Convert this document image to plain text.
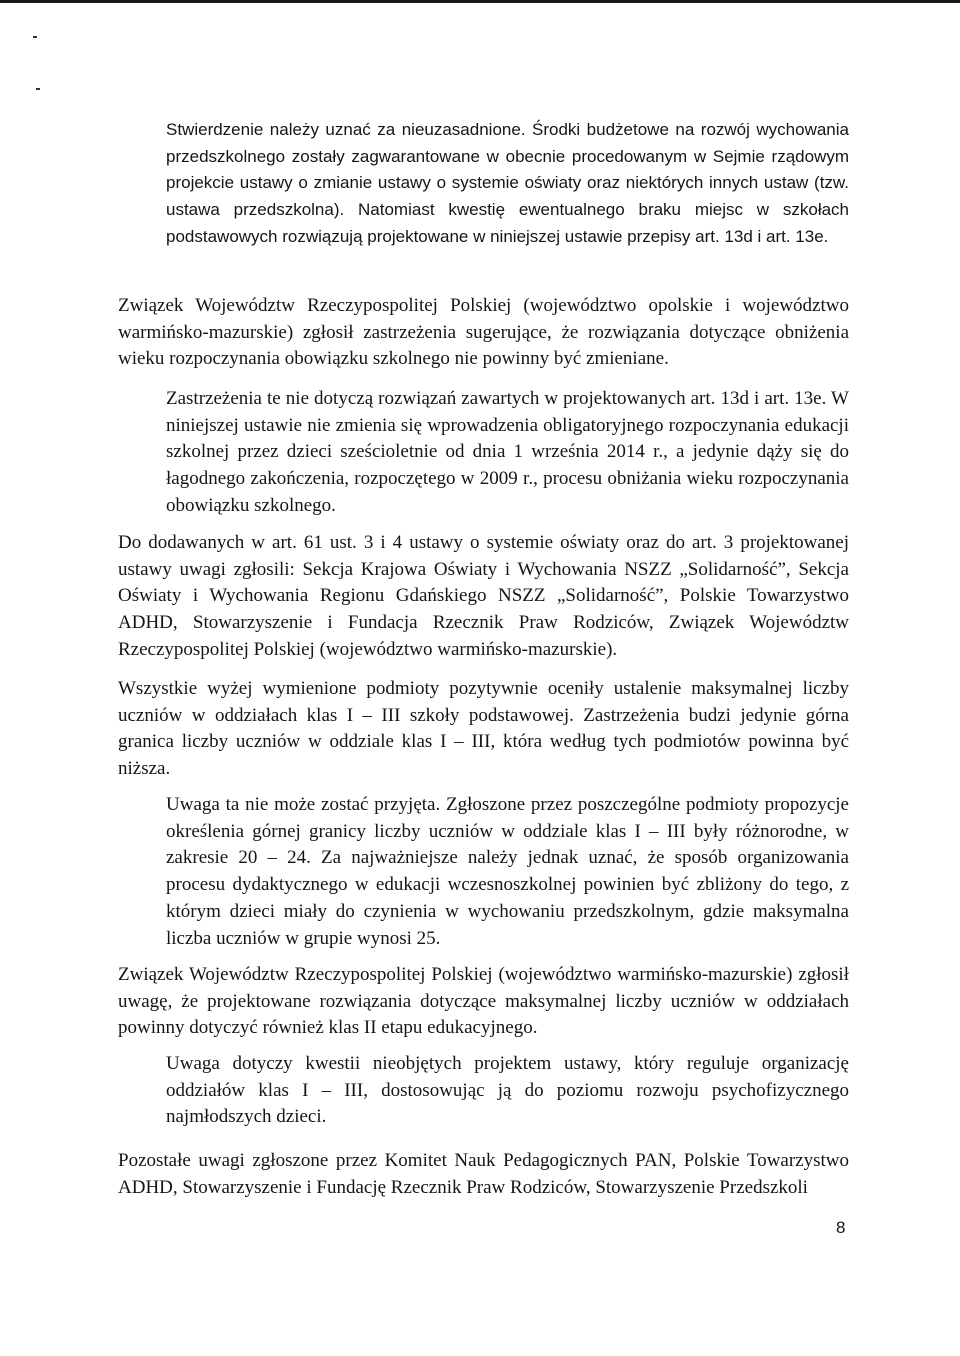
Stwierdzenie należy uznać za nieuzasadnione. Środki budżetowe na rozwój wychowania przedszkolnego zostały zagwarantowane w obecnie procedowanym w Sejmie rządowym projekcie ustawy o zmianie ustawy o systemie oświaty oraz niektórych innych ustaw (tzw. ustawa przedszkolna). Natomiast kwestię ewentualnego braku miejsc w szkołach podstawowych rozwiązują projektowane w niniejszej ustawie przepisy art. 13d i art. 13e.

Związek Województw Rzeczypospolitej Polskiej (województwo opolskie i województwo warmińsko-mazurskie) zgłosił zastrzeżenia sugerujące, że rozwiązania dotyczące obniżenia wieku rozpoczynania obowiązku szkolnego nie powinny być zmieniane.

Zastrzeżenia te nie dotyczą rozwiązań zawartych w projektowanych art. 13d i art. 13e. W niniejszej ustawie nie zmienia się wprowadzenia obligatoryjnego rozpoczynania edukacji szkolnej przez dzieci sześcioletnie od dnia 1 września 2014 r., a jedynie dąży się do łagodnego zakończenia, rozpoczętego w 2009 r., procesu obniżania wieku rozpoczynania obowiązku szkolnego.

Do dodawanych w art. 61 ust. 3 i 4 ustawy o systemie oświaty oraz do art. 3 projektowanej ustawy uwagi zgłosili: Sekcja Krajowa Oświaty i Wychowania NSZZ „Solidarność”, Sekcja Oświaty i Wychowania Regionu Gdańskiego NSZZ „Solidarność”, Polskie Towarzystwo ADHD, Stowarzyszenie i Fundacja Rzecznik Praw Rodziców, Związek Województw Rzeczypospolitej Polskiej (województwo warmińsko-mazurskie).

Wszystkie wyżej wymienione podmioty pozytywnie oceniły ustalenie maksymalnej liczby uczniów w oddziałach klas I – III szkoły podstawowej. Zastrzeżenia budzi jedynie górna granica liczby uczniów w oddziale klas I – III, która według tych podmiotów powinna być niższa.

Uwaga ta nie może zostać przyjęta. Zgłoszone przez poszczególne podmioty propozycje określenia górnej granicy liczby uczniów w oddziale klas I – III były różnorodne, w zakresie 20 – 24. Za najważniejsze należy jednak uznać, że sposób organizowania procesu dydaktycznego w edukacji wczesnoszkolnej powinien być zbliżony do tego, z którym dzieci miały do czynienia w wychowaniu przedszkolnym, gdzie maksymalna liczba uczniów w grupie wynosi 25.

Związek Województw Rzeczypospolitej Polskiej (województwo warmińsko-mazurskie) zgłosił uwagę, że projektowane rozwiązania dotyczące maksymalnej liczby uczniów w oddziałach powinny dotyczyć również klas II etapu edukacyjnego.

Uwaga dotyczy kwestii nieobjętych projektem ustawy, który reguluje organizację oddziałów klas I – III, dostosowując ją do poziomu rozwoju psychofizycznego najmłodszych dzieci.

Pozostałe uwagi zgłoszone przez Komitet Nauk Pedagogicznych PAN, Polskie Towarzystwo ADHD, Stowarzyszenie i Fundację Rzecznik Praw Rodziców, Stowarzyszenie Przedszkoli

8
